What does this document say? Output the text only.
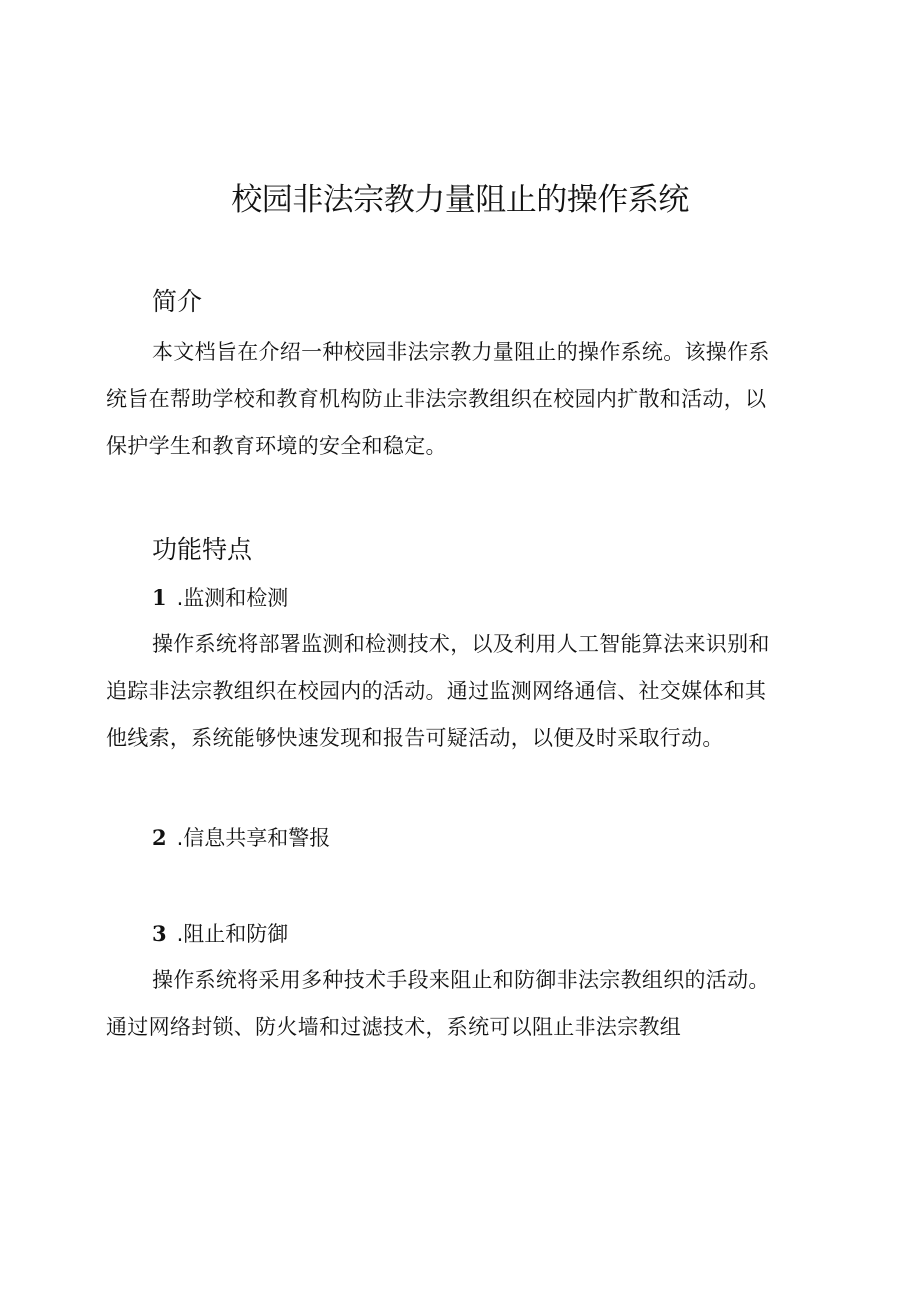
校园非法宗教力量阻止的操作系统
简介

本文档旨在介绍一种校园非法宗教力量阻止的操作系统。该操作系
统旨在帮助学校和教育机构防止非法宗教组织在校园内扩散和活动，以
保护学生和教育环境的安全和稳定。

功能特点
1 .监测和检测

操作系统将部署监测和检测技术，以及利用人工智能算法来识别和
追踪非法宗教组织在校园内的活动。通过监测网络通信、社交媒体和其
他线索，系统能够快速发现和报告可疑活动，以便及时采取行动。

2 .信息共享和警报
3 .阻止和防御

操作系统将采用多种技术手段来阻止和防御非法宗教组织的活动。
通过网络封锁、防火墙和过滤技术，系统可以阻止非法宗教组
